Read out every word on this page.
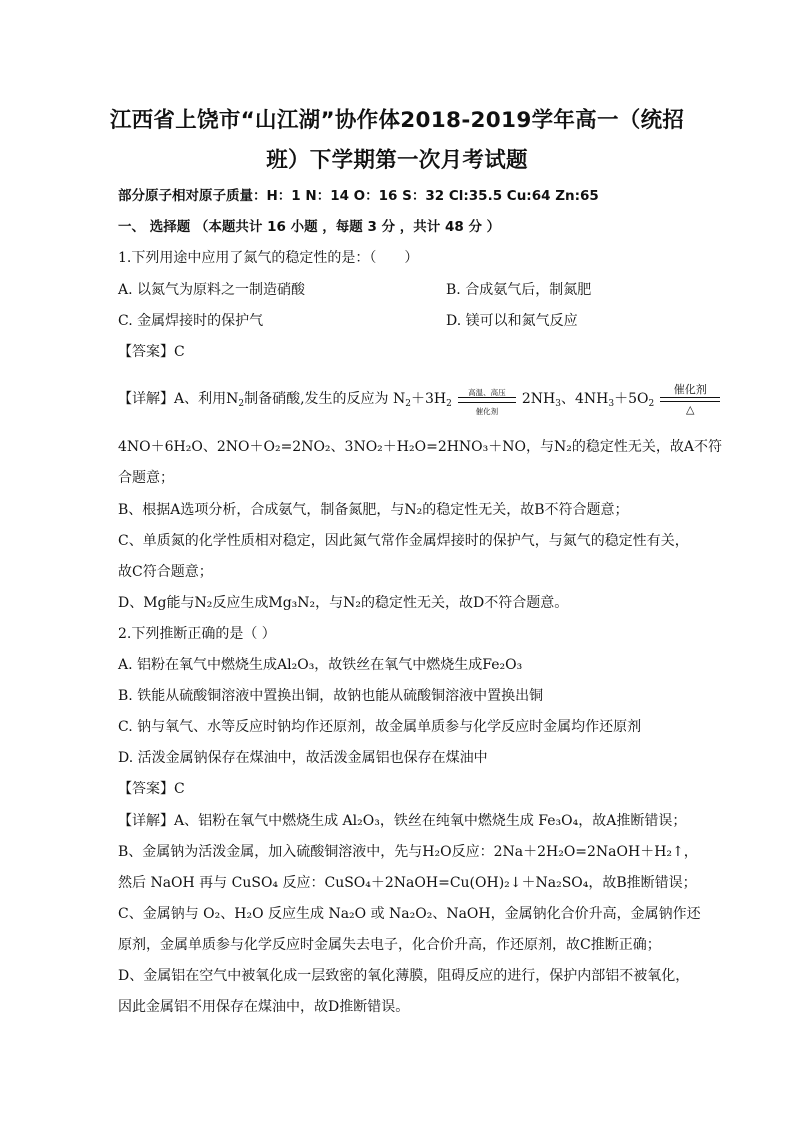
江西省上饶市“山江湖”协作体2018-2019学年高一（统招
班）下学期第一次月考试题
部分原子相对原子质量：H：1 N：14 O：16 S：32 Cl:35.5 Cu:64 Zn:65
一、 选择题 （本题共计 16 小题 ，每题 3 分 ，共计 48 分 ）
1.下列用途中应用了氮气的稳定性的是：（　　）
A. 以氮气为原料之一制造硝酸	B. 合成氨气后，制氮肥
C. 金属焊接时的保护气	D. 镁可以和氮气反应
【答案】C
【详解】A、利用$N_2$制备硝酸,发生的反应为 $N_2+3H_2$
高温、高压
催化剂
$2NH_3$、$4NH_3+5O_2$
催化剂
△
4NO＋6H₂O、2NO＋O₂=2NO₂、3NO₂＋H₂O=2HNO₃＋NO，与N₂的稳定性无关，故A不符
合题意；
B、根据A选项分析，合成氨气，制备氮肥，与N₂的稳定性无关，故B不符合题意；
C、单质氮的化学性质相对稳定，因此氮气常作金属焊接时的保护气，与氮气的稳定性有关，
故C符合题意；
D、Mg能与N₂反应生成Mg₃N₂，与N₂的稳定性无关，故D不符合题意。
2.下列推断正确的是（ ）
A. 铝粉在氧气中燃烧生成Al₂O₃，故铁丝在氧气中燃烧生成Fe₂O₃
B. 铁能从硫酸铜溶液中置换出铜，故钠也能从硫酸铜溶液中置换出铜
C. 钠与氧气、水等反应时钠均作还原剂，故金属单质参与化学反应时金属均作还原剂
D. 活泼金属钠保存在煤油中，故活泼金属铝也保存在煤油中
【答案】C
【详解】A、铝粉在氧气中燃烧生成 Al₂O₃，铁丝在纯氧中燃烧生成 Fe₃O₄，故A推断错误；
B、金属钠为活泼金属，加入硫酸铜溶液中，先与H₂O反应：2Na＋2H₂O=2NaOH＋H₂↑，
然后 NaOH 再与 CuSO₄ 反应：CuSO₄＋2NaOH=Cu(OH)₂↓＋Na₂SO₄，故B推断错误；
C、金属钠与 O₂、H₂O 反应生成 Na₂O 或 Na₂O₂、NaOH，金属钠化合价升高，金属钠作还
原剂，金属单质参与化学反应时金属失去电子，化合价升高，作还原剂，故C推断正确；
D、金属铝在空气中被氧化成一层致密的氧化薄膜，阻碍反应的进行，保护内部铝不被氧化，
因此金属铝不用保存在煤油中，故D推断错误。
